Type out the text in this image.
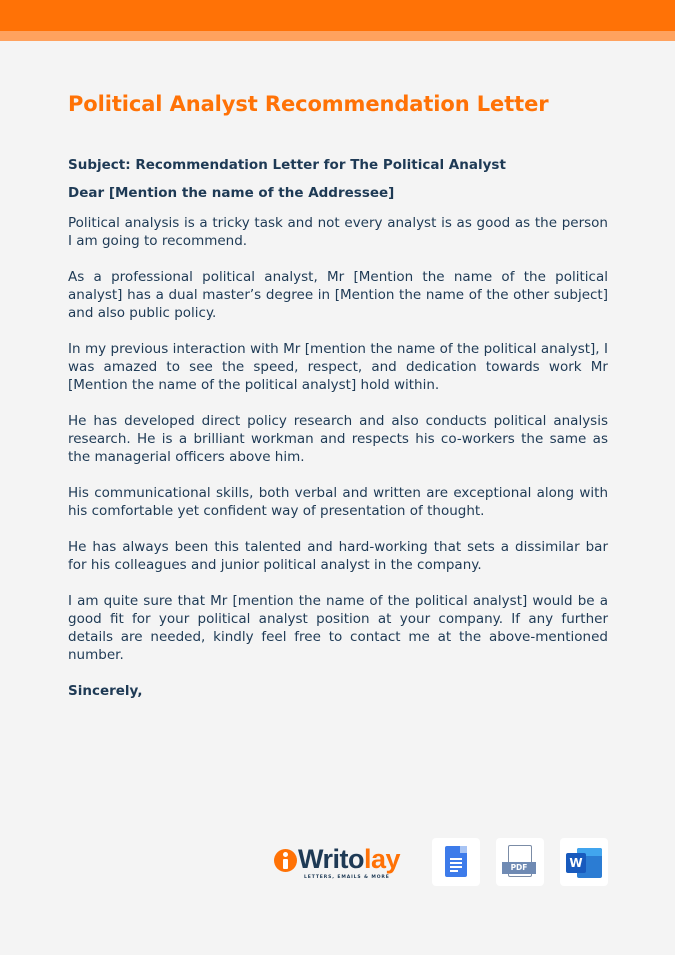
Political Analyst Recommendation Letter

Subject: Recommendation Letter for The Political Analyst

Dear [Mention the name of the Addressee]

Political analysis is a tricky task and not every analyst is as good as the person I am going to recommend.

As a professional political analyst, Mr [Mention the name of the political analyst] has a dual master’s degree in [Mention the name of the other subject] and also public policy.

In my previous interaction with Mr [mention the name of the political analyst], I was amazed to see the speed, respect, and dedication towards work Mr [Mention the name of the political analyst] hold within.

He has developed direct policy research and also conducts political analysis research. He is a brilliant workman and respects his co-workers the same as the managerial officers above him.

His communicational skills, both verbal and written are exceptional along with his comfortable yet confident way of presentation of thought.

He has always been this talented and hard-working that sets a dissimilar bar for his colleagues and junior political analyst in the company.

I am quite sure that Mr [mention the name of the political analyst] would be a good fit for your political analyst position at your company. If any further details are needed, kindly feel free to contact me at the above-mentioned number.

Sincerely,

Writolay
LETTERS, EMAILS & MORE
PDF	W
